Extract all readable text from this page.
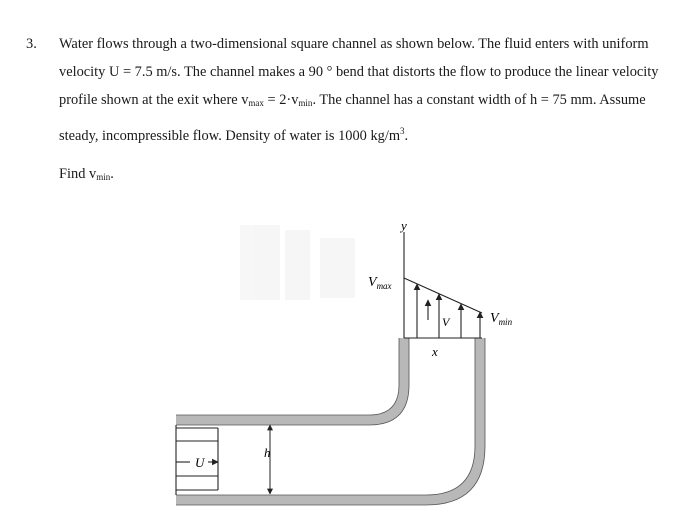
3. Water flows through a two-dimensional square channel as shown below. The fluid enters with uniform velocity U = 7.5 m/s. The channel makes a 90 ° bend that distorts the flow to produce the linear velocity profile shown at the exit where $v_{max} = 2\cdot v_{min}$. The channel has a constant width of h = 75 mm. Assume steady, incompressible flow. Density of water is 1000 $kg/m^3$.
Find $v_{min}$.
U
h
y
$V_{max}$
V	$V_{min}$
x
